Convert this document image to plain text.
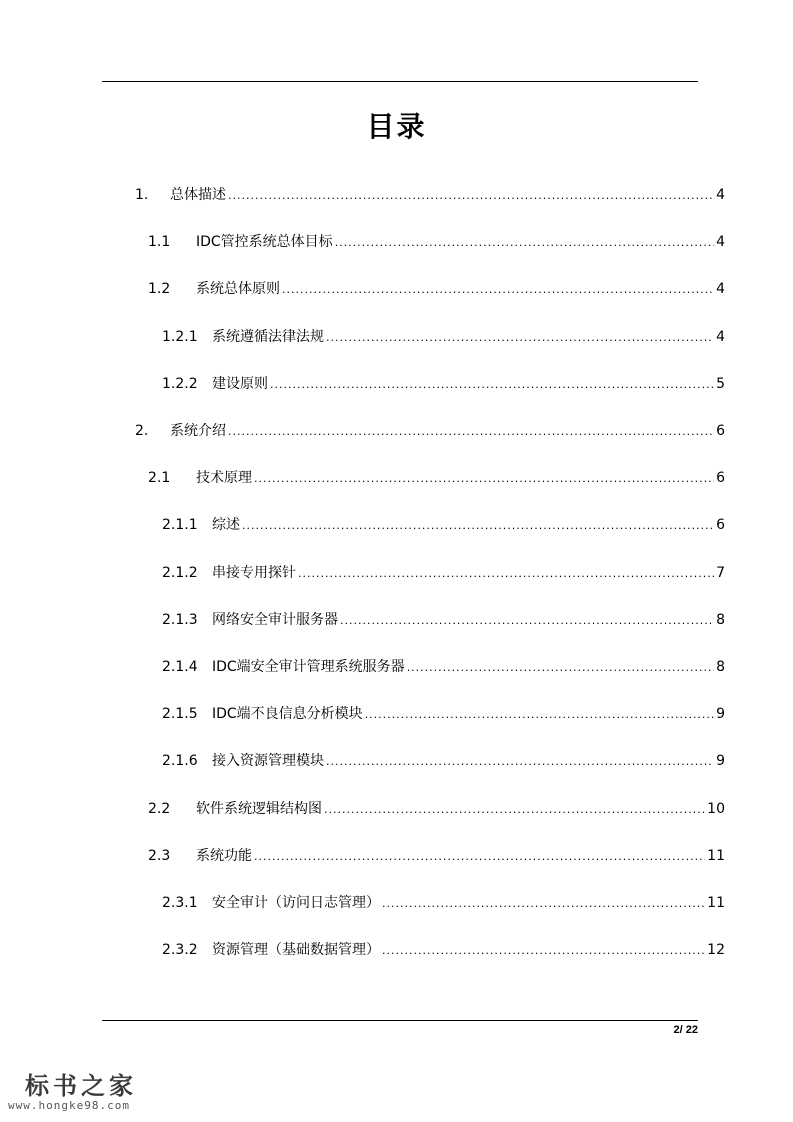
目录
1.	总体描述 .....	4
1.1	IDC管控系统总体目标 .....	4
1.2	系统总体原则 .....	4
1.2.1	系统遵循法律法规 .....	4
1.2.2	建设原则 .....	5
2.	系统介绍 .....	6
2.1	技术原理 .....	6
2.1.1	综述 .....	6
2.1.2	串接专用探针 .....	7
2.1.3	网络安全审计服务器 .....	8
2.1.4	IDC端安全审计管理系统服务器 .....	8
2.1.5	IDC端不良信息分析模块 .....	9
2.1.6	接入资源管理模块 .....	9
2.2	软件系统逻辑结构图 .....	10
2.3	系统功能 .....	11
2.3.1	安全审计（访问日志管理） .....	11
2.3.2	资源管理（基础数据管理） .....	12
2/ 22
标书之家
www.hongke98.com
